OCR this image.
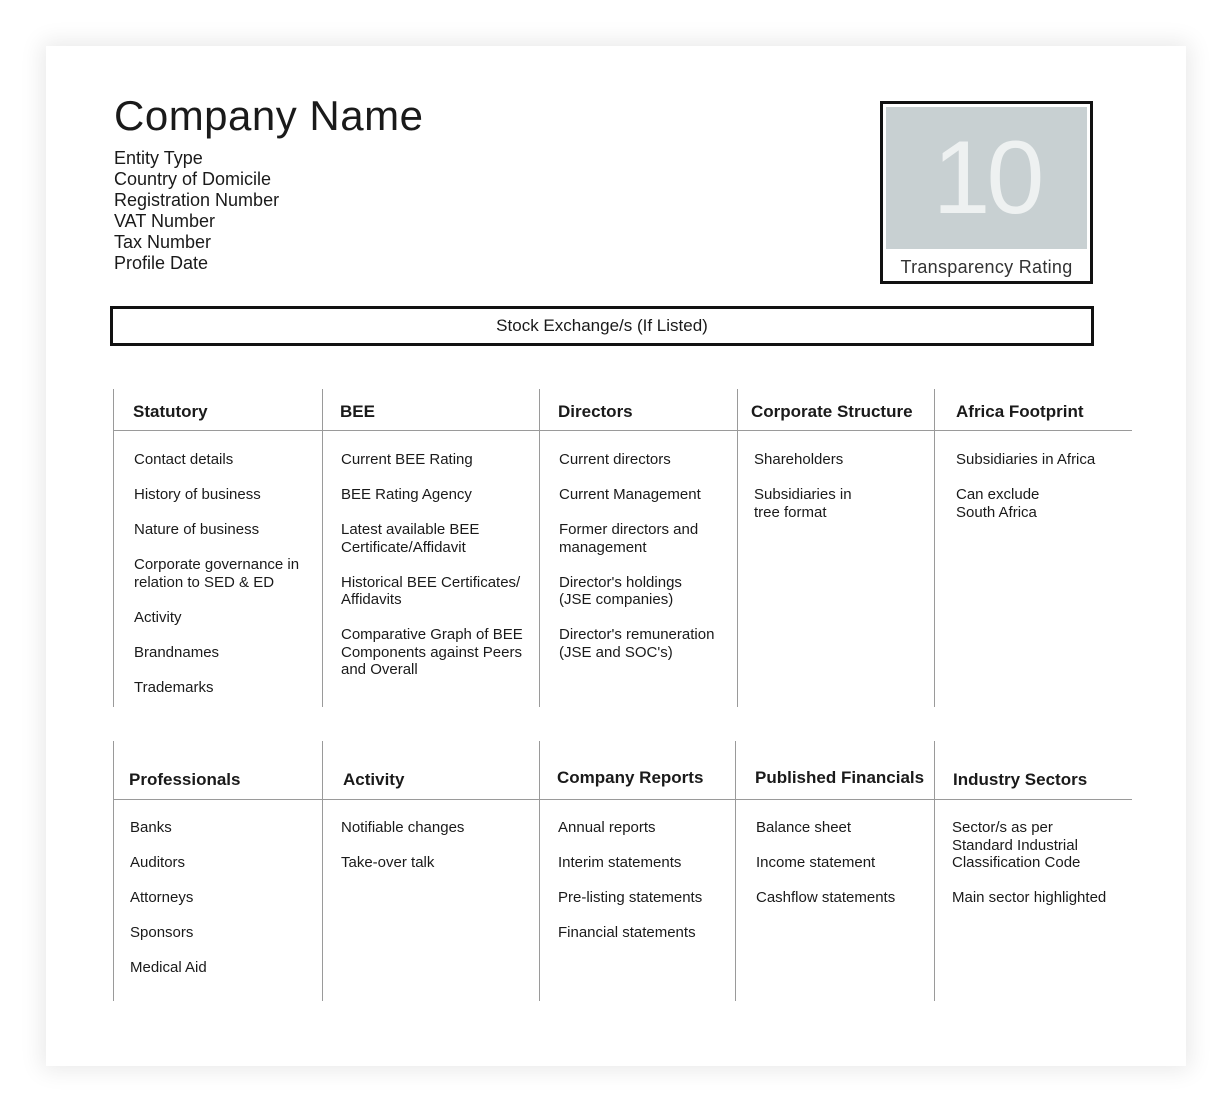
Company Name
Entity Type
Country of Domicile
Registration Number
VAT Number
Tax Number
Profile Date
10
Transparency Rating
Stock Exchange/s (If Listed)
Statutory
Contact details
History of business
Nature of business
Corporate governance in
relation to SED & ED
Activity
Brandnames
Trademarks
BEE
Current BEE Rating
BEE Rating Agency
Latest available BEE
Certificate/Affidavit
Historical BEE Certificates/
Affidavits
Comparative Graph of BEE
Components against Peers
and Overall
Directors
Current directors
Current Management
Former directors and
management
Director's holdings
(JSE companies)
Director's remuneration
(JSE and SOC's)
Corporate Structure
Shareholders
Subsidiaries in
tree format
Africa Footprint
Subsidiaries in Africa
Can exclude
South Africa
Professionals
Banks
Auditors
Attorneys
Sponsors
Medical Aid
Activity
Notifiable changes
Take-over talk
Company Reports
Annual reports
Interim statements
Pre-listing statements
Financial statements
Published Financials
Balance sheet
Income statement
Cashflow statements
Industry Sectors
Sector/s as per
Standard Industrial
Classification Code
Main sector highlighted
